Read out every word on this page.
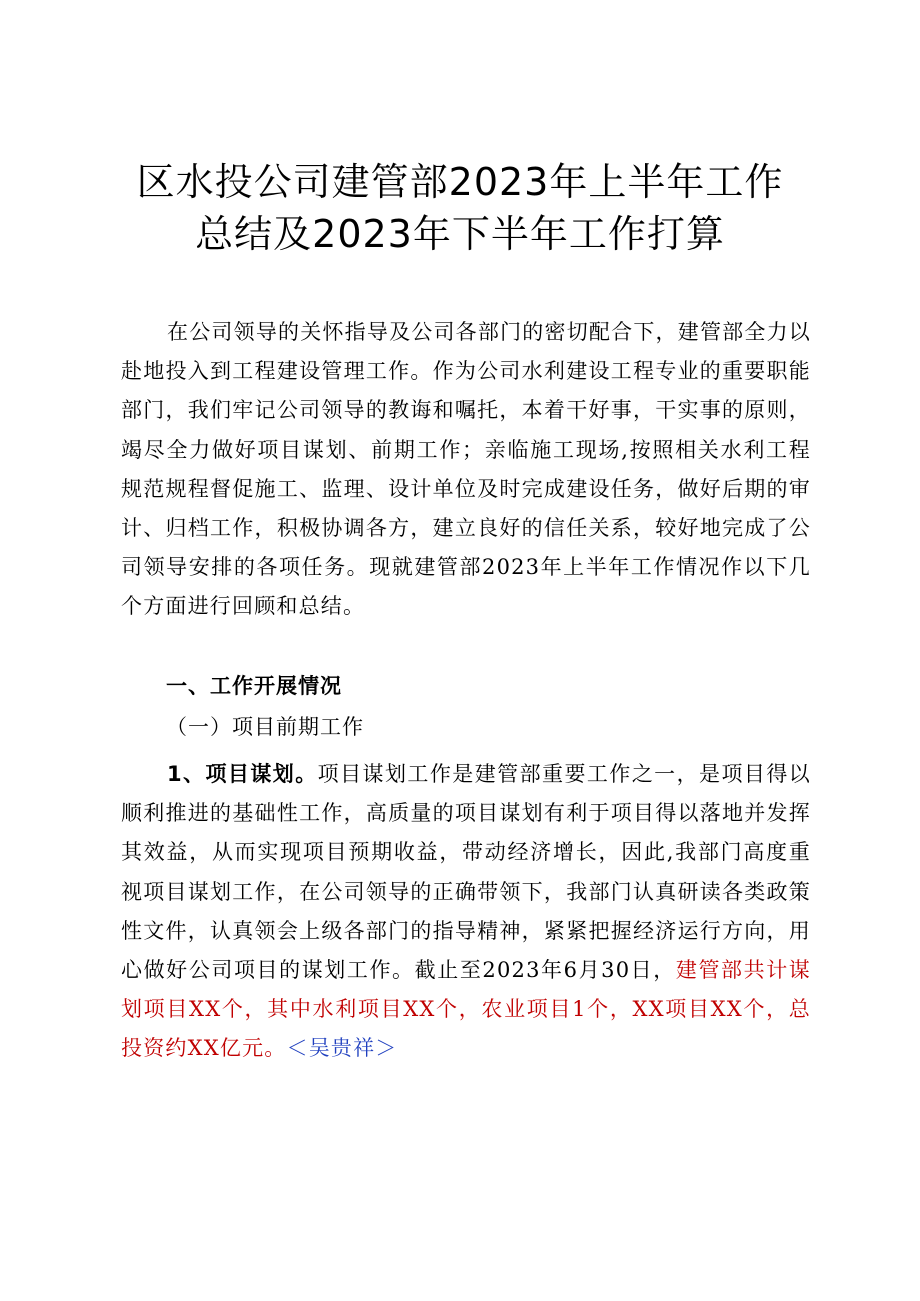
区水投公司建管部2023年上半年工作
总结及2023年下半年工作打算
在公司领导的关怀指导及公司各部门的密切配合下，建管部全力以赴地投入到工程建设管理工作。作为公司水利建设工程专业的重要职能部门，我们牢记公司领导的教诲和嘱托，本着干好事，干实事的原则，竭尽全力做好项目谋划、前期工作；亲临施工现场,按照相关水利工程规范规程督促施工、监理、设计单位及时完成建设任务，做好后期的审计、归档工作，积极协调各方，建立良好的信任关系，较好地完成了公司领导安排的各项任务。现就建管部2023年上半年工作情况作以下几个方面进行回顾和总结。
一、工作开展情况
（一）项目前期工作
1、项目谋划。项目谋划工作是建管部重要工作之一，是项目得以顺利推进的基础性工作，高质量的项目谋划有利于项目得以落地并发挥其效益，从而实现项目预期收益，带动经济增长，因此,我部门高度重视项目谋划工作，在公司领导的正确带领下，我部门认真研读各类政策性文件，认真领会上级各部门的指导精神，紧紧把握经济运行方向，用心做好公司项目的谋划工作。截止至2023年6月30日，建管部共计谋划项目XX个，其中水利项目XX个，农业项目1个，XX项目XX个，总投资约XX亿元。＜吴贵祥＞
